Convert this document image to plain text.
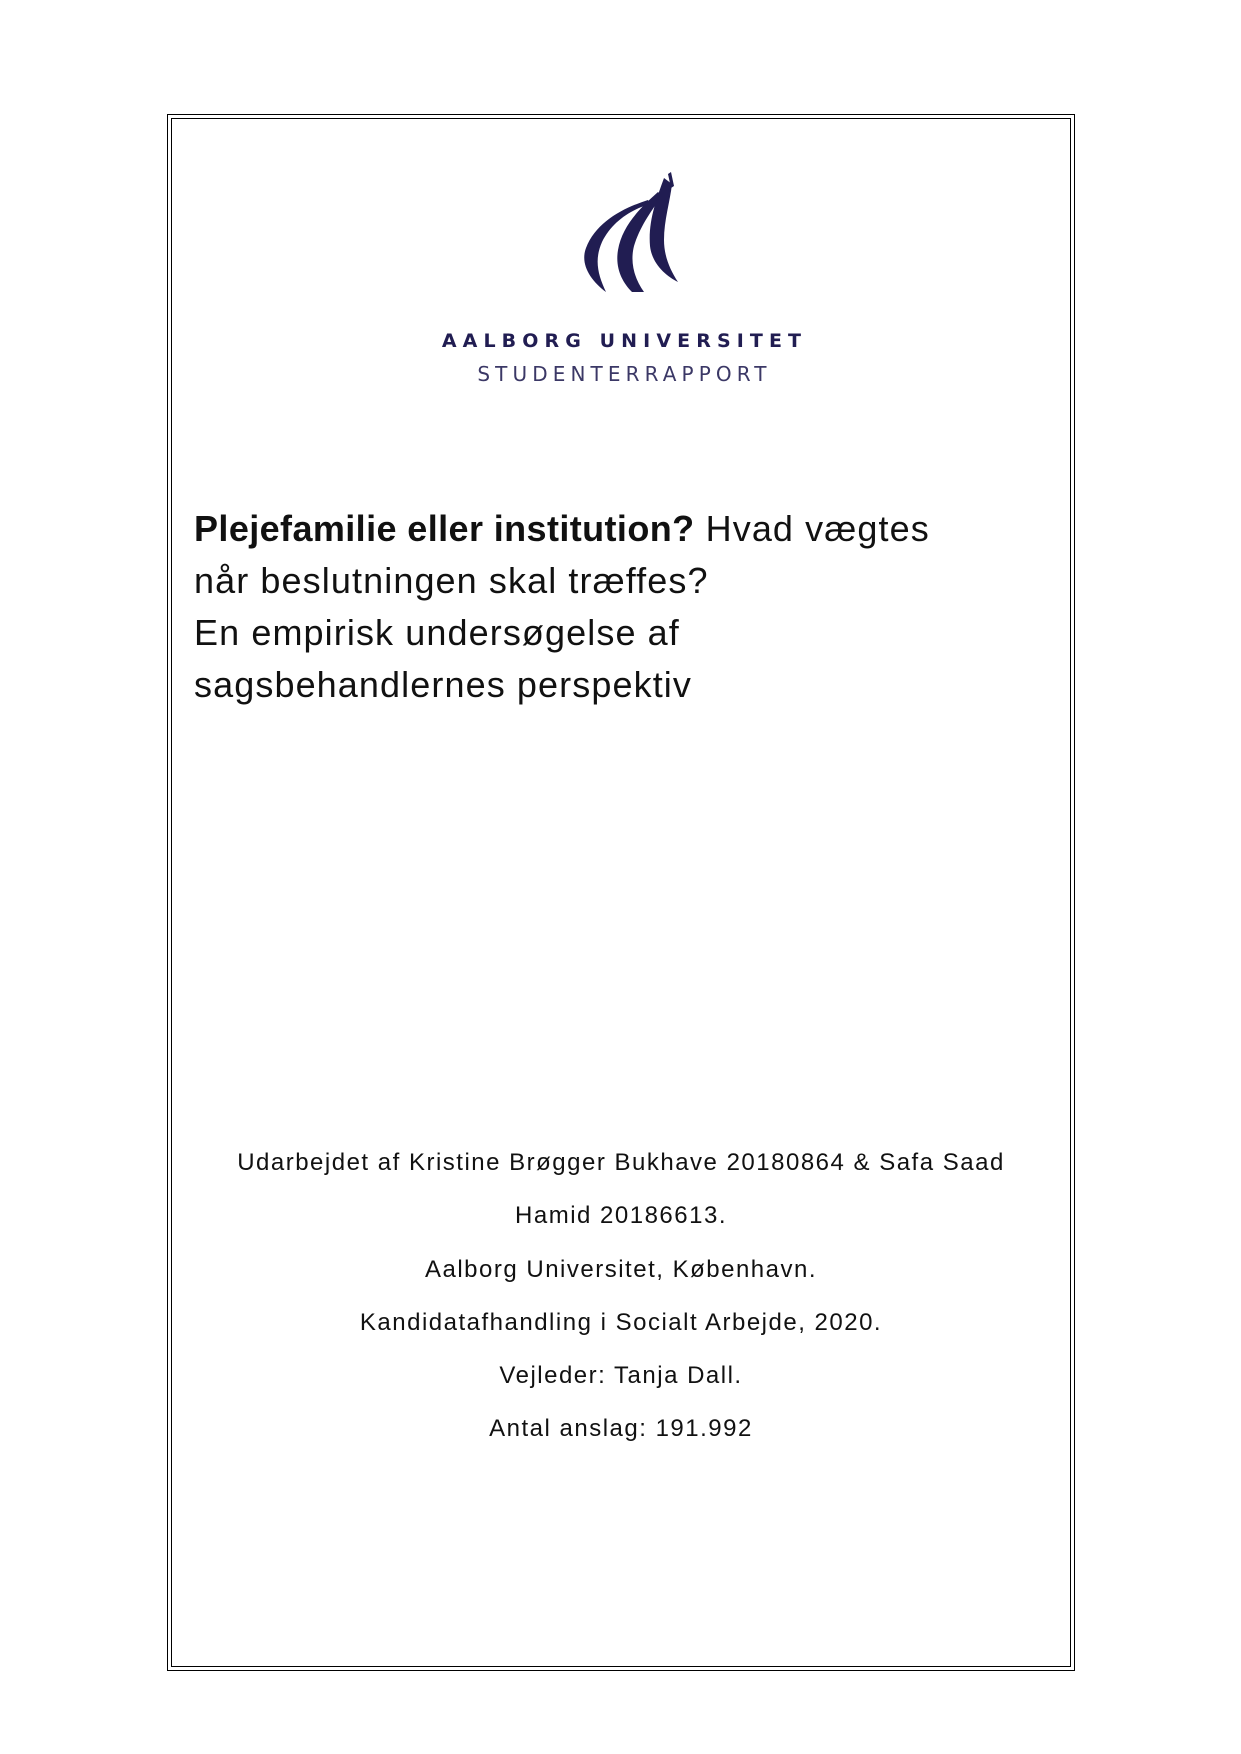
AALBORG UNIVERSITET
STUDENTERRAPPORT
Plejefamilie eller institution? Hvad vægtes
når beslutningen skal træffes?
En empirisk undersøgelse af
sagsbehandlernes perspektiv
Udarbejdet af Kristine Brøgger Bukhave 20180864 & Safa Saad
Hamid 20186613.
Aalborg Universitet, København.
Kandidatafhandling i Socialt Arbejde, 2020.
Vejleder: Tanja Dall.
Antal anslag: 191.992
